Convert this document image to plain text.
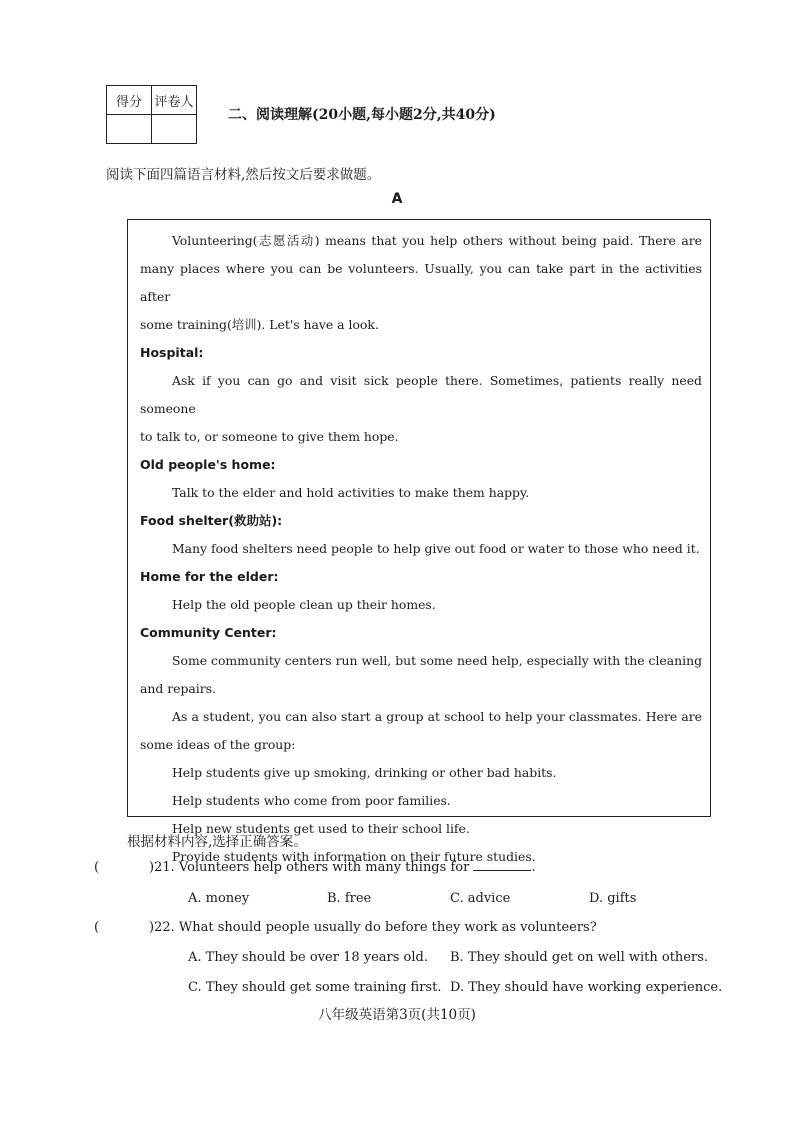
得分	评卷人

二、阅读理解(20小题,每小题2分,共40分)
阅读下面四篇语言材料,然后按文后要求做题。
A

Volunteering(志愿活动) means that you help others without being paid. There are

many places where you can be volunteers. Usually, you can take part in the activities after

some training(培训). Let's have a look.

Hospital:

Ask if you can go and visit sick people there. Sometimes, patients really need someone

to talk to, or someone to give them hope.

Old people's home:

Talk to the elder and hold activities to make them happy.

Food shelter(救助站):

Many food shelters need people to help give out food or water to those who need it.

Home for the elder:

Help the old people clean up their homes.

Community Center:

Some community centers run well, but some need help, especially with the cleaning

and repairs.

As a student, you can also start a group at school to help your classmates. Here are

some ideas of the group:

Help students give up smoking, drinking or other bad habits.

Help students who come from poor families.

Help new students get used to their school life.

Provide students with information on their future studies.

根据材料内容,选择正确答案。
(	)21. Volunteers help others with many things for	.
A. money	B. free	C. advice	D. gifts
(	)22. What should people usually do before they work as volunteers?
A. They should be over 18 years old. B. They should get on well with others.
C. They should get some training first. D. They should have working experience.
八年级英语第3页(共10页)
